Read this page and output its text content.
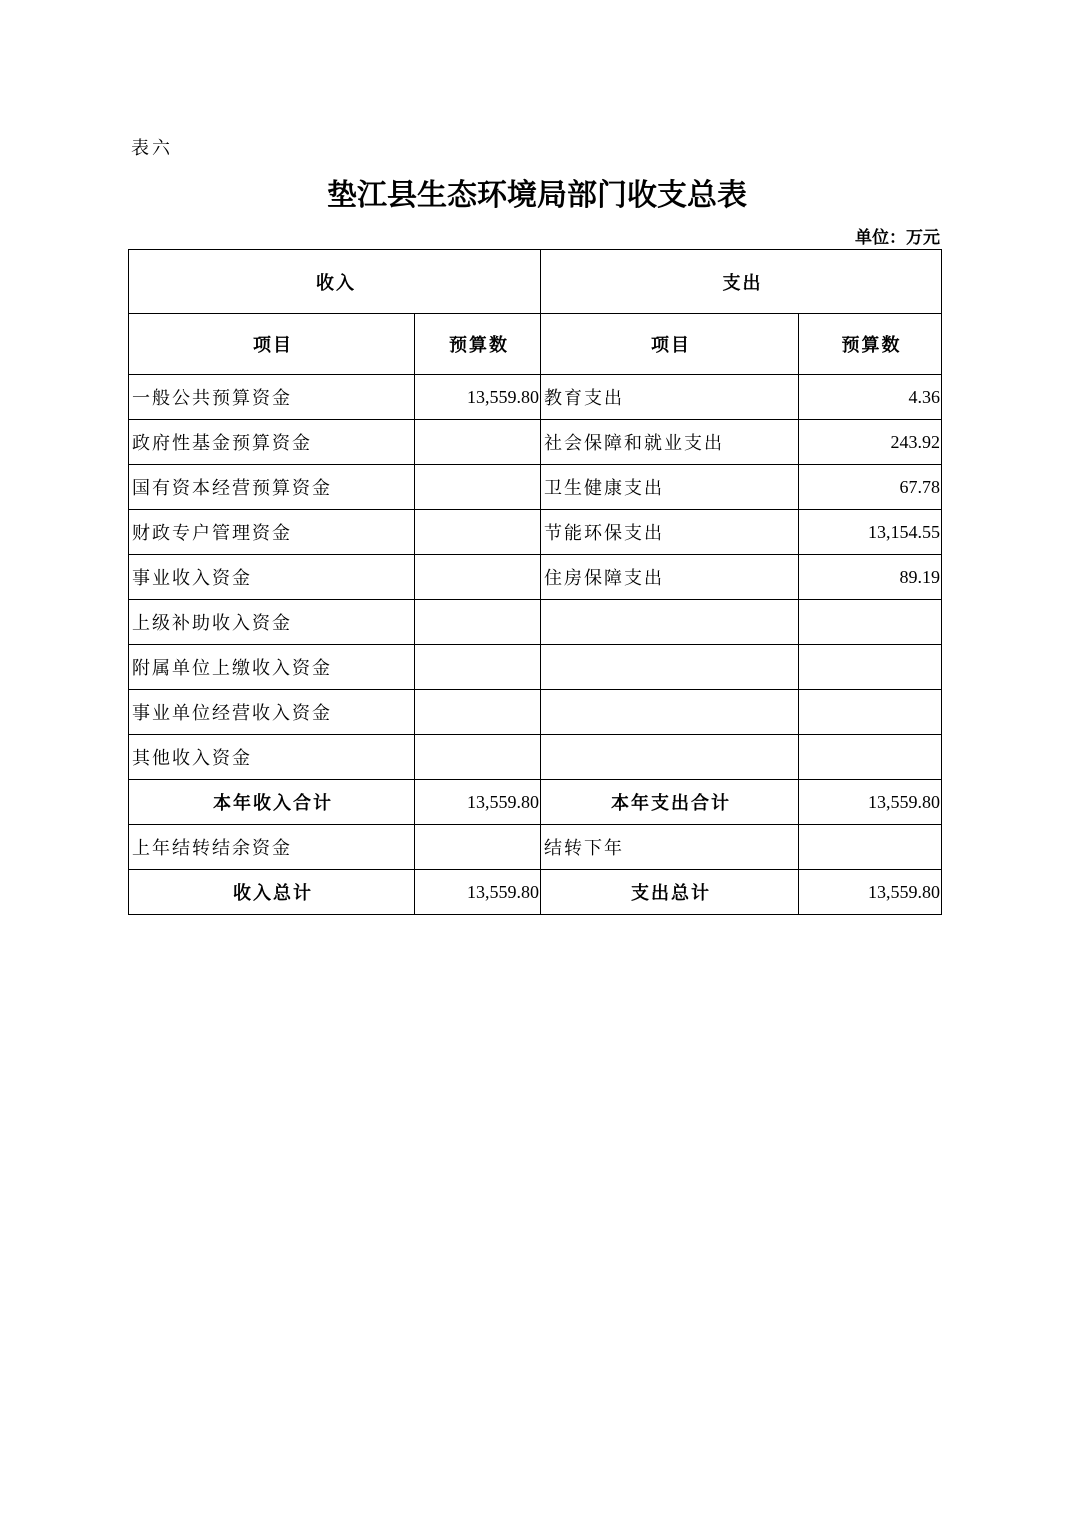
表六
垫江县生态环境局部门收支总表
单位：万元
收入		支出	
项目	预算数	项目	预算数
一般公共预算资金	13,559.80	教育支出	4.36
政府性基金预算资金		社会保障和就业支出	243.92
国有资本经营预算资金		卫生健康支出	67.78
财政专户管理资金		节能环保支出	13,154.55
事业收入资金		住房保障支出	89.19
上级补助收入资金			
附属单位上缴收入资金			
事业单位经营收入资金			
其他收入资金			
本年收入合计	13,559.80	本年支出合计	13,559.80
上年结转结余资金		结转下年	
收入总计	13,559.80	支出总计	13,559.80
